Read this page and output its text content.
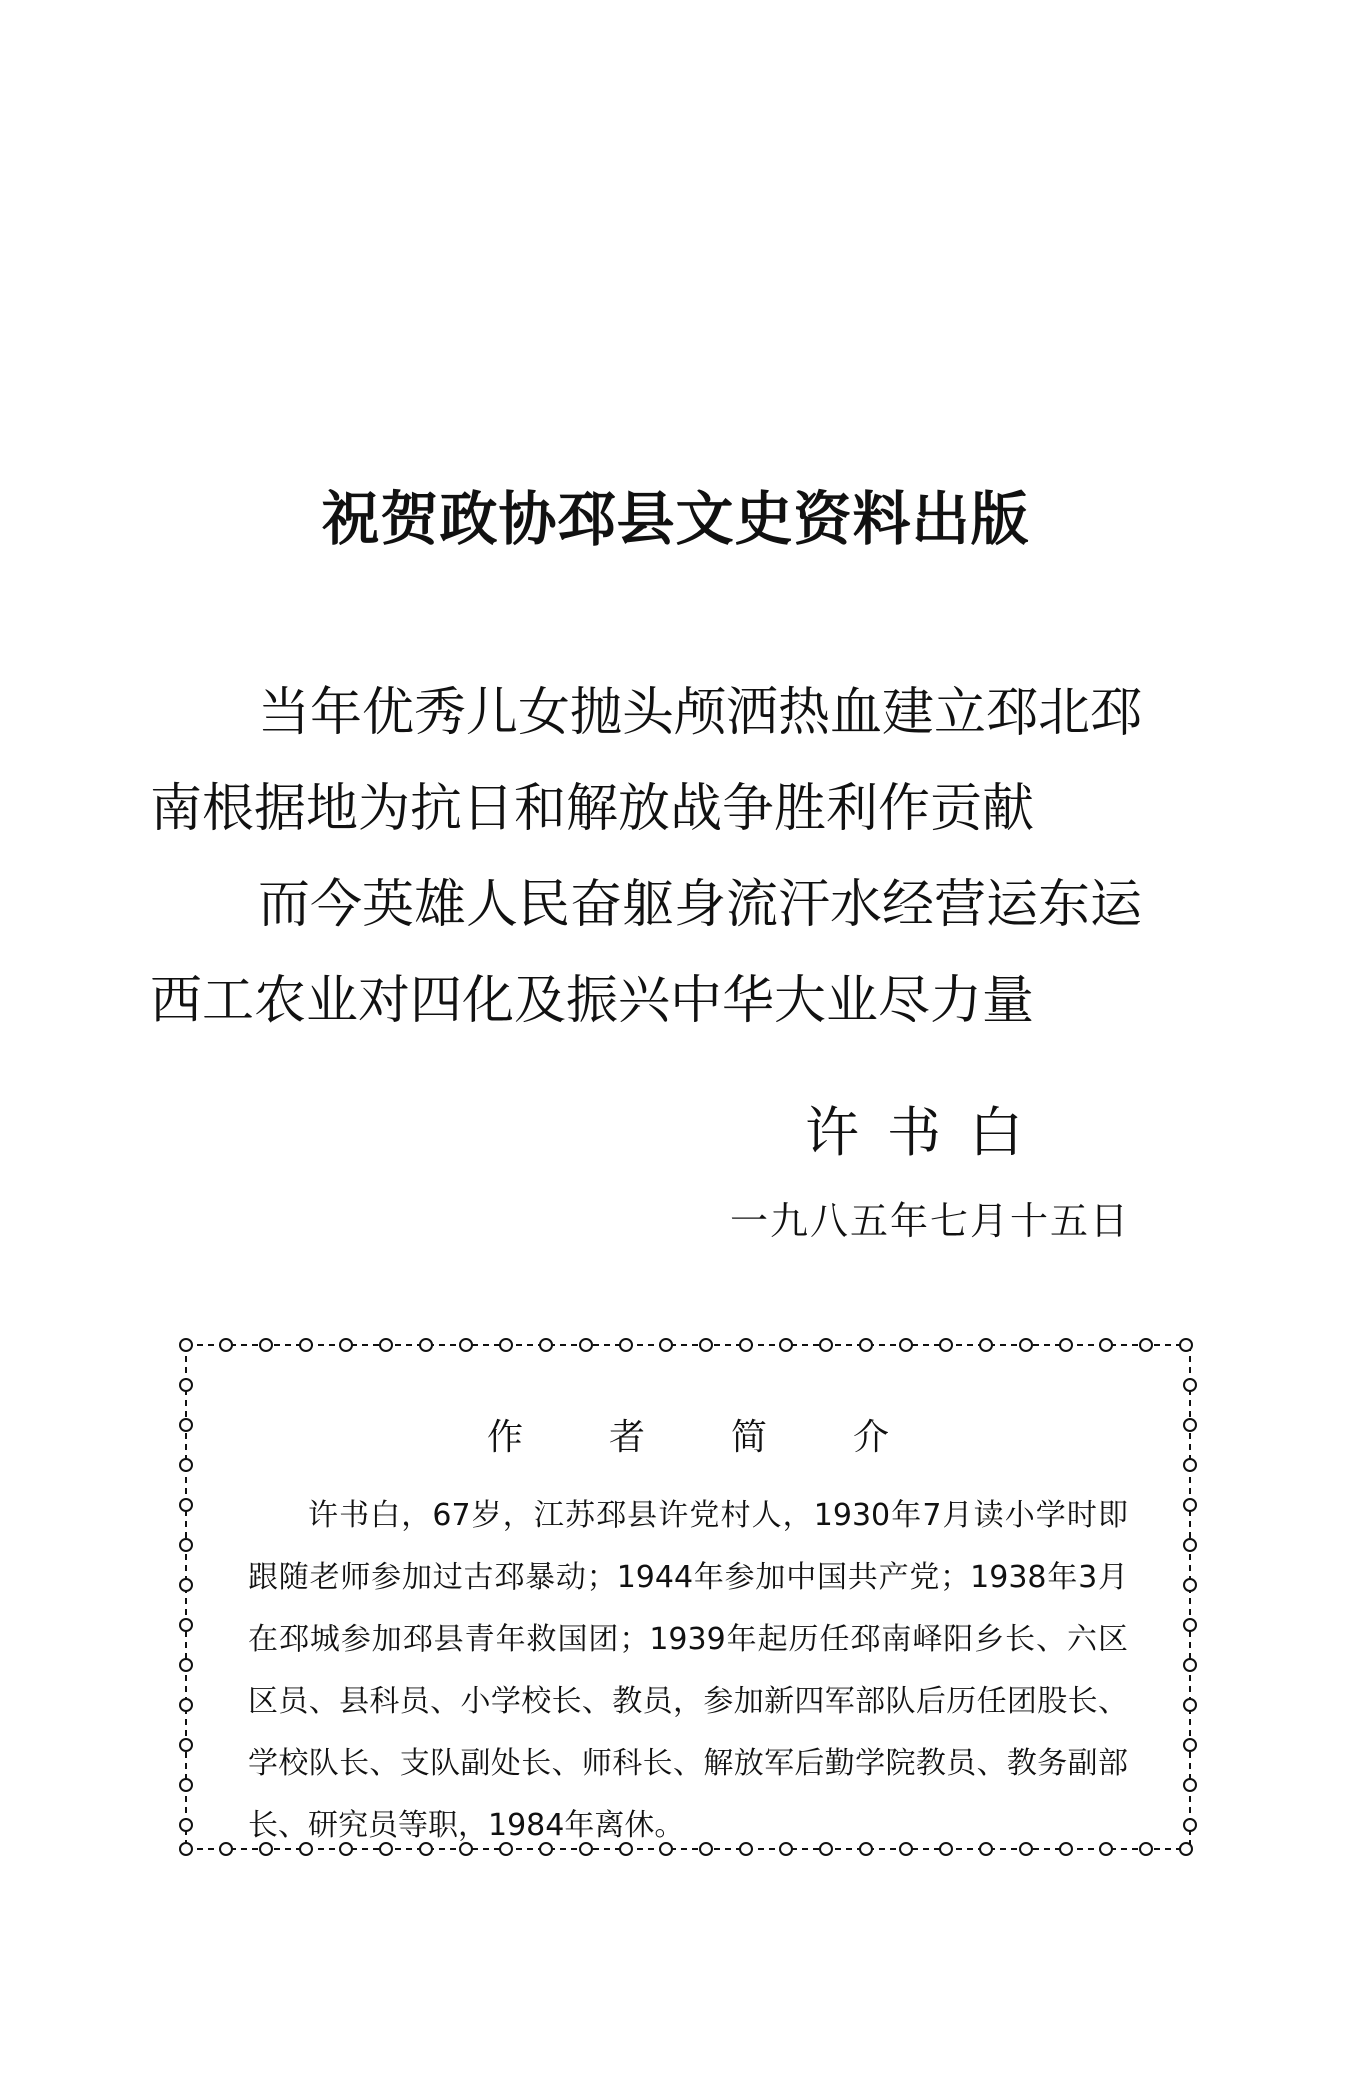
祝贺政协邳县文史资料出版
当年优秀儿女抛头颅洒热血建立邳北邳
南根据地为抗日和解放战争胜利作贡献
而今英雄人民奋躯身流汗水经营运东运
西工农业对四化及振兴中华大业尽力量
许书白
一九八五年七月十五日
作者简介
许书白，67岁，江苏邳县许党村人，1930年7月读小学时即跟随老师参加过古邳暴动；1944年参加中国共产党；1938年3月在邳城参加邳县青年救国团；1939年起历任邳南峄阳乡长、六区区员、县科员、小学校长、教员，参加新四军部队后历任团股长、学校队长、支队副处长、师科长、解放军后勤学院教员、教务副部长、研究员等职，1984年离休。
